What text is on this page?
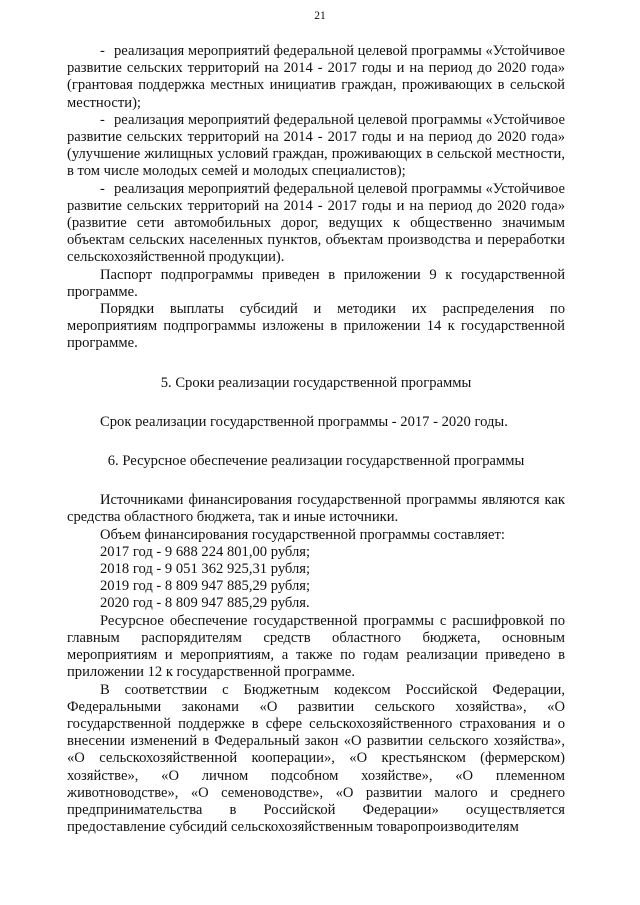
21

- реализация мероприятий федеральной целевой программы «Устойчивое развитие сельских территорий на 2014 - 2017 годы и на период до 2020 года» (грантовая поддержка местных инициатив граждан, проживающих в сельской местности);

- реализация мероприятий федеральной целевой программы «Устойчивое развитие сельских территорий на 2014 - 2017 годы и на период до 2020 года» (улучшение жилищных условий граждан, проживающих в сельской местности, в том числе молодых семей и молодых специалистов);

- реализация мероприятий федеральной целевой программы «Устойчивое развитие сельских территорий на 2014 - 2017 годы и на период до 2020 года» (развитие сети автомобильных дорог, ведущих к общественно значимым объектам сельских населенных пунктов, объектам производства и переработки сельскохозяйственной продукции).

Паспорт подпрограммы приведен в приложении 9 к государственной программе.

Порядки выплаты субсидий и методики их распределения по мероприятиям подпрограммы изложены в приложении 14 к государственной программе.

5. Сроки реализации государственной программы

Срок реализации государственной программы - 2017 - 2020 годы.

6. Ресурсное обеспечение реализации государственной программы

Источниками финансирования государственной программы являются как средства областного бюджета, так и иные источники.

Объем финансирования государственной программы составляет:

2017 год - 9 688 224 801,00 рубля;
2018 год - 9 051 362 925,31 рубля;
2019 год - 8 809 947 885,29 рубля;
2020 год - 8 809 947 885,29 рубля.

Ресурсное обеспечение государственной программы с расшифровкой по главным распорядителям средств областного бюджета, основным мероприятиям и мероприятиям, а также по годам реализации приведено в приложении 12 к государственной программе.

В соответствии с Бюджетным кодексом Российской Федерации, Федеральными законами «О развитии сельского хозяйства», «О государственной поддержке в сфере сельскохозяйственного страхования и о внесении изменений в Федеральный закон «О развитии сельского хозяйства», «О сельскохозяйственной кооперации», «О крестьянском (фермерском) хозяйстве», «О личном подсобном хозяйстве», «О племенном животноводстве», «О семеноводстве», «О развитии малого и среднего предпринимательства в Российской Федерации» осуществляется предоставление субсидий сельскохозяйственным товаропроизводителям
